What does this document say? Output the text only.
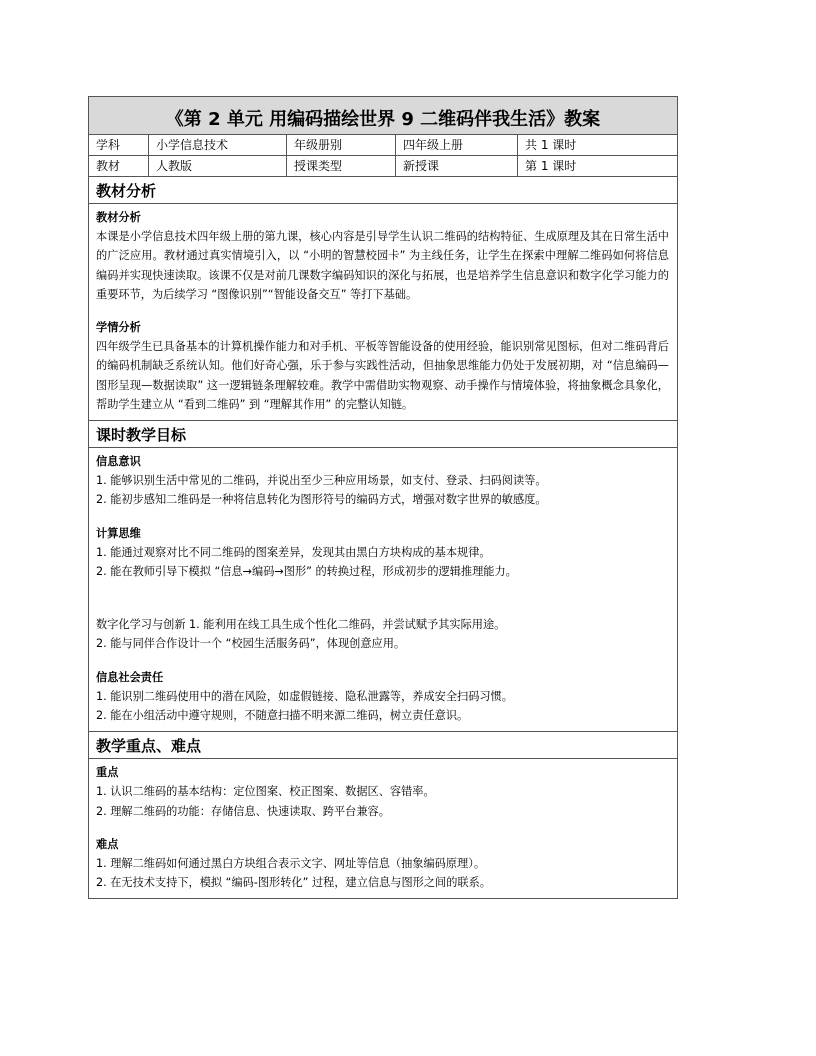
《第 2 单元 用编码描绘世界 9 二维码伴我生活》教案
学科	小学信息技术	年级册别	四年级上册	共 1 课时
教材	人教版	授课类型	新授课	第 1 课时
教材分析
教材分析
本课是小学信息技术四年级上册的第九课，核心内容是引导学生认识二维码的结构特征、生成原理及其在日常生活中的广泛应用。教材通过真实情境引入，以 “小明的智慧校园卡” 为主线任务，让学生在探索中理解二维码如何将信息编码并实现快速读取。该课不仅是对前几课数字编码知识的深化与拓展，也是培养学生信息意识和数字化学习能力的重要环节，为后续学习 “图像识别”“智能设备交互” 等打下基础。
学情分析
四年级学生已具备基本的计算机操作能力和对手机、平板等智能设备的使用经验，能识别常见图标，但对二维码背后的编码机制缺乏系统认知。他们好奇心强，乐于参与实践性活动，但抽象思维能力仍处于发展初期，对 “信息编码—图形呈现—数据读取” 这一逻辑链条理解较难。教学中需借助实物观察、动手操作与情境体验，将抽象概念具象化，帮助学生建立从 “看到二维码” 到 “理解其作用” 的完整认知链。
课时教学目标
信息意识
1. 能够识别生活中常见的二维码，并说出至少三种应用场景，如支付、登录、扫码阅读等。
2. 能初步感知二维码是一种将信息转化为图形符号的编码方式，增强对数字世界的敏感度。
计算思维
1. 能通过观察对比不同二维码的图案差异，发现其由黑白方块构成的基本规律。
2. 能在教师引导下模拟 “信息→编码→图形” 的转换过程，形成初步的逻辑推理能力。
数字化学习与创新 1. 能利用在线工具生成个性化二维码，并尝试赋予其实际用途。
2. 能与同伴合作设计一个 “校园生活服务码”，体现创意应用。
信息社会责任
1. 能识别二维码使用中的潜在风险，如虚假链接、隐私泄露等，养成安全扫码习惯。
2. 能在小组活动中遵守规则，不随意扫描不明来源二维码，树立责任意识。
教学重点、难点
重点
1. 认识二维码的基本结构：定位图案、校正图案、数据区、容错率。
2. 理解二维码的功能：存储信息、快速读取、跨平台兼容。
难点
1. 理解二维码如何通过黑白方块组合表示文字、网址等信息（抽象编码原理）。
2. 在无技术支持下，模拟 “编码-图形转化” 过程，建立信息与图形之间的联系。
